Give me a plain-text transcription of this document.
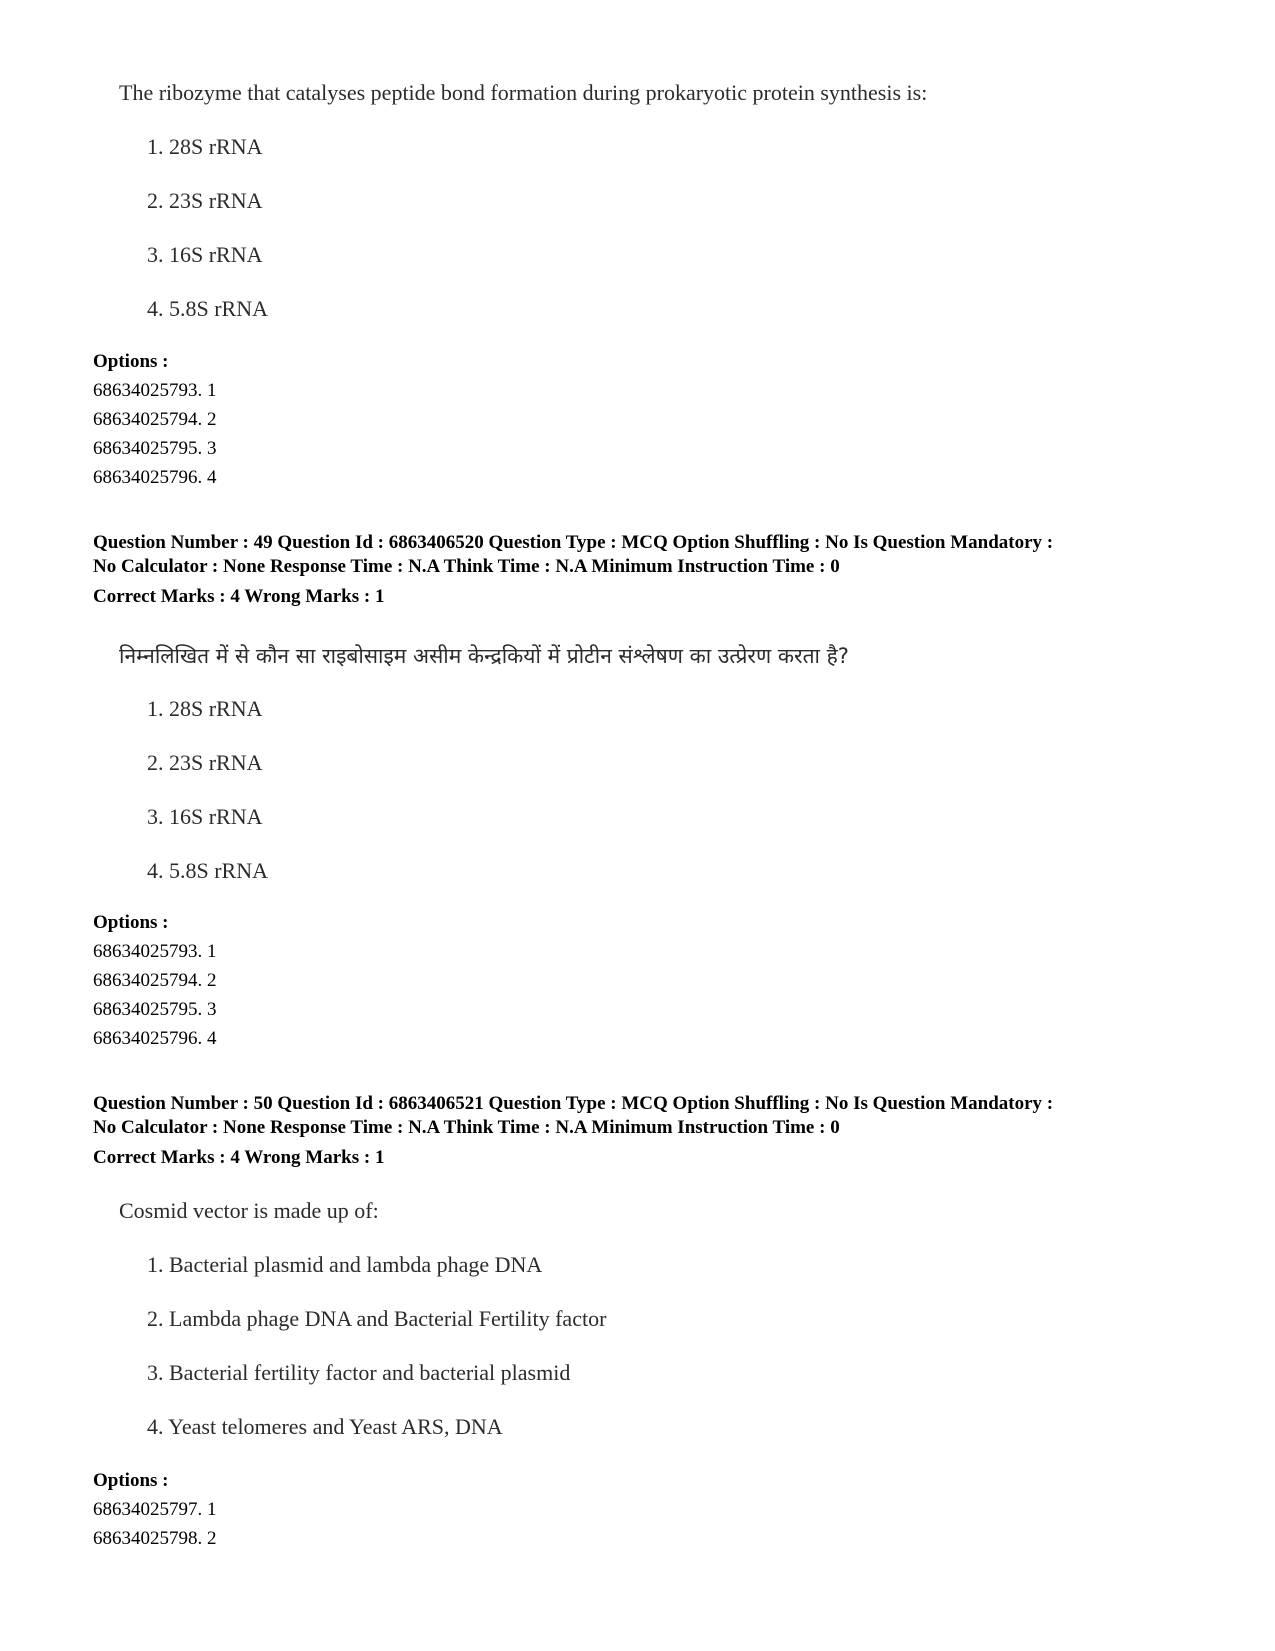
The ribozyme that catalyses peptide bond formation during prokaryotic protein synthesis is:
1. 28S rRNA
2. 23S rRNA
3. 16S rRNA
4. 5.8S rRNA
Options :
68634025793. 1
68634025794. 2
68634025795. 3
68634025796. 4
Question Number : 49 Question Id : 6863406520 Question Type : MCQ Option Shuffling : No Is Question Mandatory :
No Calculator : None Response Time : N.A Think Time : N.A Minimum Instruction Time : 0
Correct Marks : 4 Wrong Marks : 1
निम्नलिखित में से कौन सा राइबोसाइम असीम केन्द्रकियों में प्रोटीन संश्लेषण का उत्प्रेरण करता है?
1. 28S rRNA
2. 23S rRNA
3. 16S rRNA
4. 5.8S rRNA
Options :
68634025793. 1
68634025794. 2
68634025795. 3
68634025796. 4
Question Number : 50 Question Id : 6863406521 Question Type : MCQ Option Shuffling : No Is Question Mandatory :
No Calculator : None Response Time : N.A Think Time : N.A Minimum Instruction Time : 0
Correct Marks : 4 Wrong Marks : 1
Cosmid vector is made up of:
1. Bacterial plasmid and lambda phage DNA
2. Lambda phage DNA and Bacterial Fertility factor
3. Bacterial fertility factor and bacterial plasmid
4. Yeast telomeres and Yeast ARS, DNA
Options :
68634025797. 1
68634025798. 2
